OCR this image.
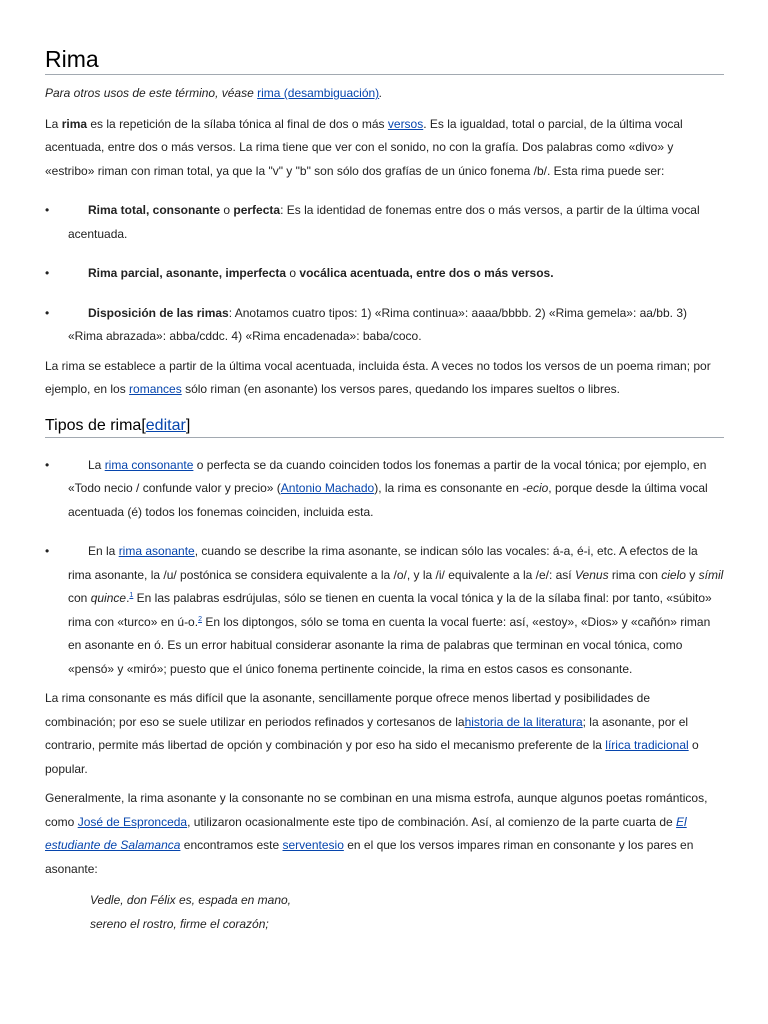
Rima

Para otros usos de este término, véase rima (desambiguación).

La rima es la repetición de la sílaba tónica al final de dos o más versos. Es la igualdad, total o parcial, de la última vocal acentuada, entre dos o más versos. La rima tiene que ver con el sonido, no con la grafía. Dos palabras como «divo» y «estribo» riman con riman total, ya que la "v" y "b" son sólo dos grafías de un único fonema /b/. Esta rima puede ser:

•	Rima total, consonante o perfecta: Es la identidad de fonemas entre dos o más versos, a partir de la última vocal acentuada.
•	Rima parcial, asonante, imperfecta o vocálica acentuada, entre dos o más versos.
•	Disposición de las rimas: Anotamos cuatro tipos: 1) «Rima continua»: aaaa/bbbb. 2) «Rima gemela»: aa/bb. 3) «Rima abrazada»: abba/cddc. 4) «Rima encadenada»: baba/coco.

La rima se establece a partir de la última vocal acentuada, incluida ésta. A veces no todos los versos de un poema riman; por ejemplo, en los romances sólo riman (en asonante) los versos pares, quedando los impares sueltos o libres.

Tipos de rima[editar]
•	La rima consonante o perfecta se da cuando coinciden todos los fonemas a partir de la vocal tónica; por ejemplo, en «Todo necio / confunde valor y precio» (Antonio Machado), la rima es consonante en -ecio, porque desde la última vocal acentuada (é) todos los fonemas coinciden, incluida esta.
•	En la rima asonante, cuando se describe la rima asonante, se indican sólo las vocales: á-a, é-i, etc. A efectos de la rima asonante, la /u/ postónica se considera equivalente a la /o/, y la /i/ equivalente a la /e/: así Venus rima con cielo y símil con quince.$^1$ En las palabras esdrújulas, sólo se tienen en cuenta la vocal tónica y la de la sílaba final: por tanto, «súbito» rima con «turco» en ú-o.$^2$ En los diptongos, sólo se toma en cuenta la vocal fuerte: así, «estoy», «Dios» y «cañón» riman en asonante en ó. Es un error habitual considerar asonante la rima de palabras que terminan en vocal tónica, como «pensó» y «miró»; puesto que el único fonema pertinente coincide, la rima en estos casos es consonante.

La rima consonante es más difícil que la asonante, sencillamente porque ofrece menos libertad y posibilidades de combinación; por eso se suele utilizar en periodos refinados y cortesanos de lahistoria de la literatura; la asonante, por el contrario, permite más libertad de opción y combinación y por eso ha sido el mecanismo preferente de la lírica tradicional o popular.

Generalmente, la rima asonante y la consonante no se combinan en una misma estrofa, aunque algunos poetas románticos, como José de Espronceda, utilizaron ocasionalmente este tipo de combinación. Así, al comienzo de la parte cuarta de El estudiante de Salamanca encontramos este serventesio en el que los versos impares riman en consonante y los pares en asonante:

Vedle, don Félix es, espada en mano,
sereno el rostro, firme el corazón;
